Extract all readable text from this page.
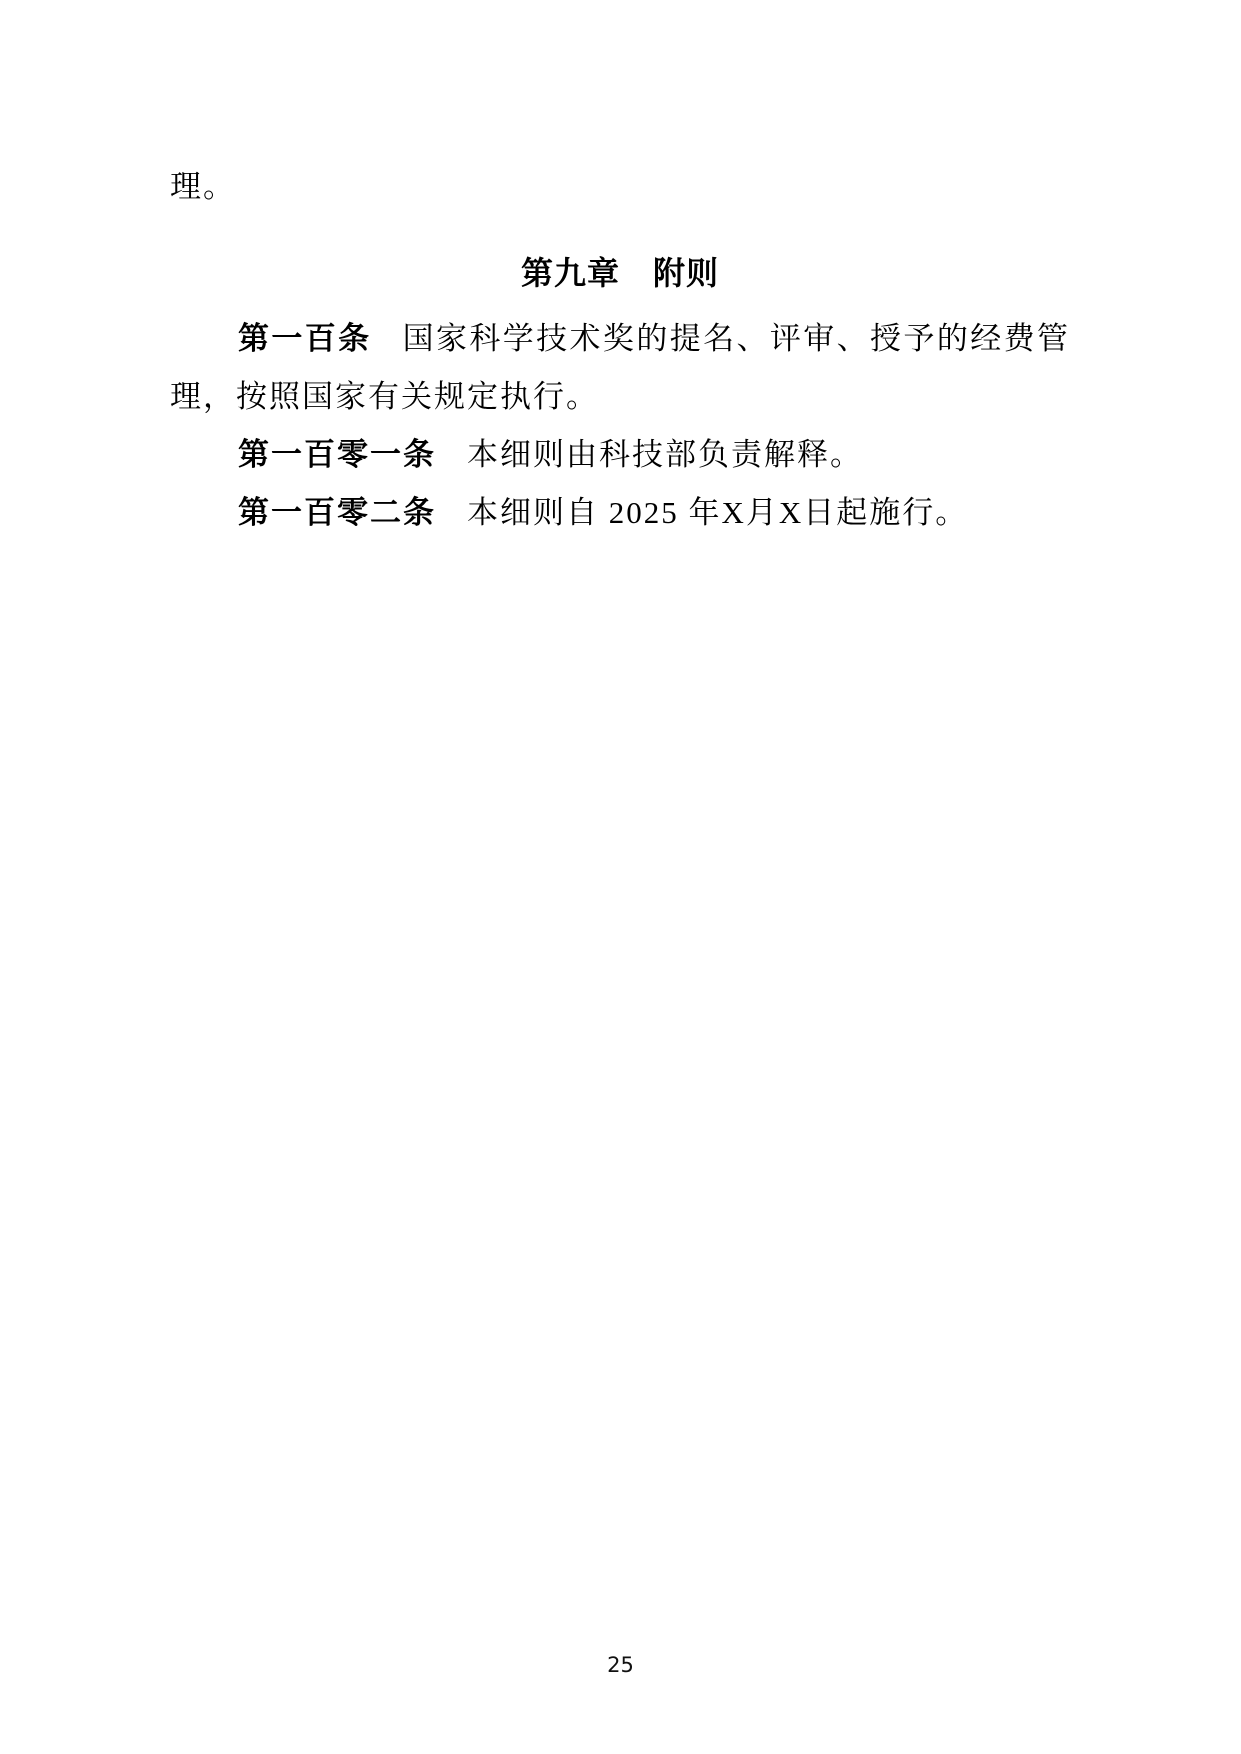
理。

第九章　附则

第一百条 国家科学技术奖的提名、评审、授予的经费管理，按照国家有关规定执行。

第一百零一条 本细则由科技部负责解释。

第一百零二条 本细则自 2025 年X月X日起施行。

25
